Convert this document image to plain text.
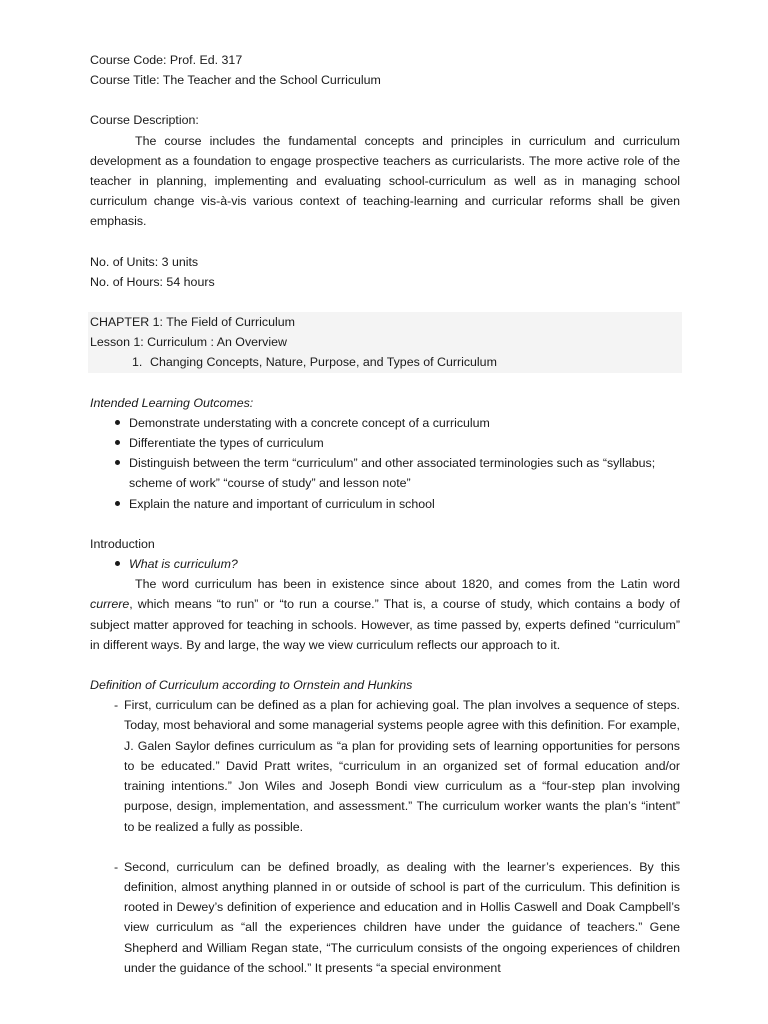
Course Code: Prof. Ed. 317

Course Title: The Teacher and the School Curriculum

Course Description:

The course includes the fundamental concepts and principles in curriculum and curriculum development as a foundation to engage prospective teachers as curricularists. The more active role of the teacher in planning, implementing and evaluating school-curriculum as well as in managing school curriculum change vis-à-vis various context of teaching-learning and curricular reforms shall be given emphasis.

No. of Units: 3 units

No. of Hours: 54 hours

CHAPTER 1: The Field of Curriculum

Lesson 1: Curriculum : An Overview

1. Changing Concepts, Nature, Purpose, and Types of Curriculum

Intended Learning Outcomes:

Demonstrate understating with a concrete concept of a curriculum
Differentiate the types of curriculum
Distinguish between the term “curriculum” and other associated terminologies such as “syllabus; scheme of work” “course of study” and lesson note”
Explain the nature and important of curriculum in school

Introduction

What is curriculum?

The word curriculum has been in existence since about 1820, and comes from the Latin word currere, which means “to run” or “to run a course.” That is, a course of study, which contains a body of subject matter approved for teaching in schools. However, as time passed by, experts defined “curriculum” in different ways. By and large, the way we view curriculum reflects our approach to it.

Definition of Curriculum according to Ornstein and Hunkins

- First, curriculum can be defined as a plan for achieving goal. The plan involves a sequence of steps. Today, most behavioral and some managerial systems people agree with this definition. For example, J. Galen Saylor defines curriculum as “a plan for providing sets of learning opportunities for persons to be educated.” David Pratt writes, “curriculum in an organized set of formal education and/or training intentions.” Jon Wiles and Joseph Bondi view curriculum as a “four-step plan involving purpose, design, implementation, and assessment.” The curriculum worker wants the plan’s “intent” to be realized a fully as possible.
- Second, curriculum can be defined broadly, as dealing with the learner’s experiences. By this definition, almost anything planned in or outside of school is part of the curriculum. This definition is rooted in Dewey’s definition of experience and education and in Hollis Caswell and Doak Campbell’s view curriculum as “all the experiences children have under the guidance of teachers.” Gene Shepherd and William Regan state, “The curriculum consists of the ongoing experiences of children under the guidance of the school.” It presents “a special environment
